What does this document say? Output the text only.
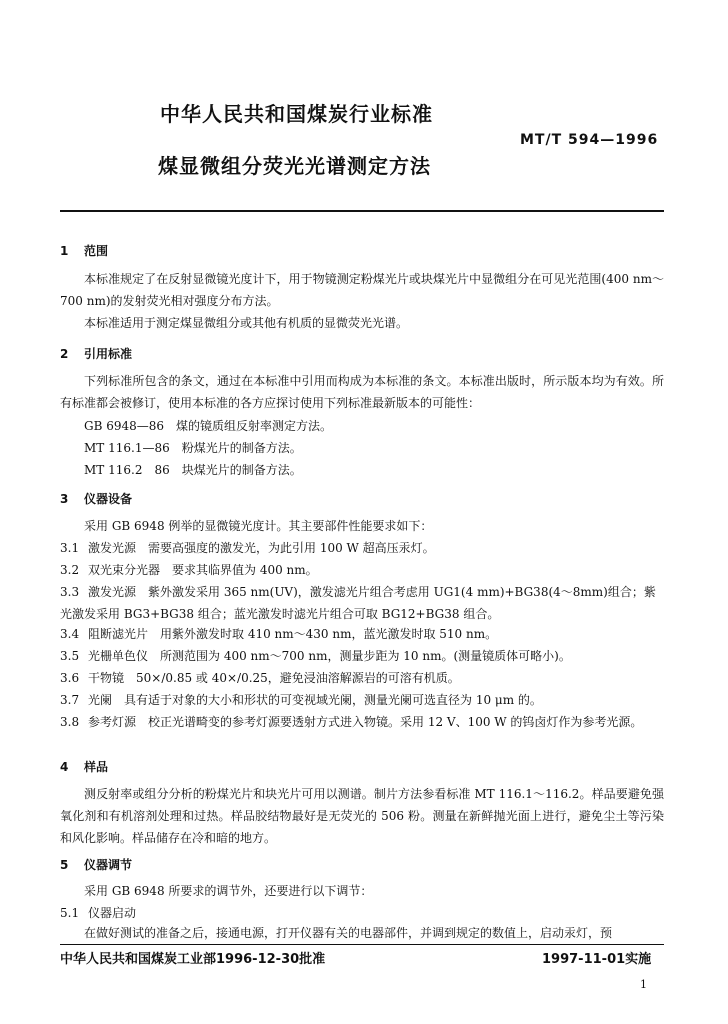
中华人民共和国煤炭行业标准
MT/T 594—1996
煤显微组分荧光光谱测定方法
1 范围
本标准规定了在反射显微镜光度计下，用于物镜测定粉煤光片或块煤光片中显微组分在可见光范围(400 nm～700 nm)的发射荧光相对强度分布方法。
本标准适用于测定煤显微组分或其他有机质的显微荧光光谱。
2 引用标准
下列标准所包含的条文，通过在本标准中引用而构成为本标准的条文。本标准出版时，所示版本均为有效。所有标准都会被修订，使用本标准的各方应探讨使用下列标准最新版本的可能性：
GB 6948—86　煤的镜质组反射率测定方法。
MT 116.1—86　粉煤光片的制备方法。
MT 116.2　86　块煤光片的制备方法。
3 仪器设备
采用 GB 6948 例举的显微镜光度计。其主要部件性能要求如下：
3.1 激发光源　需要高强度的激发光，为此引用 100 W 超高压汞灯。
3.2 双光束分光器　要求其临界值为 400 nm。
3.3 激发光源　紫外激发采用 365 nm(UV)，激发滤光片组合考虑用 UG1(4 mm)+BG38(4～8mm)组合；紫光激发采用 BG3+BG38 组合；蓝光激发时滤光片组合可取 BG12+BG38 组合。
3.4 阻断滤光片　用紫外激发时取 410 nm～430 nm，蓝光激发时取 510 nm。
3.5 光栅单色仪　所测范围为 400 nm～700 nm，测量步距为 10 nm。(测量镜质体可略小)。
3.6 干物镜　50×/0.85 或 40×/0.25，避免浸油溶解源岩的可溶有机质。
3.7 光阑　具有适于对象的大小和形状的可变视域光阑，测量光阑可选直径为 10 μm 的。
3.8 参考灯源　校正光谱畸变的参考灯源要透射方式进入物镜。采用 12 V、100 W 的钨卤灯作为参考光源。
4 样品
测反射率或组分分析的粉煤光片和块光片可用以测谱。制片方法参看标准 MT 116.1～116.2。样品要避免强氧化剂和有机溶剂处理和过热。样品胶结物最好是无荧光的 506 粉。测量在新鲜抛光面上进行，避免尘土等污染和风化影响。样品储存在冷和暗的地方。
5 仪器调节
采用 GB 6948 所要求的调节外，还要进行以下调节：
5.1 仪器启动
在做好测试的准备之后，接通电源，打开仪器有关的电器部件，并调到规定的数值上，启动汞灯，预
中华人民共和国煤炭工业部1996-12-30批准	1997-11-01实施
1
